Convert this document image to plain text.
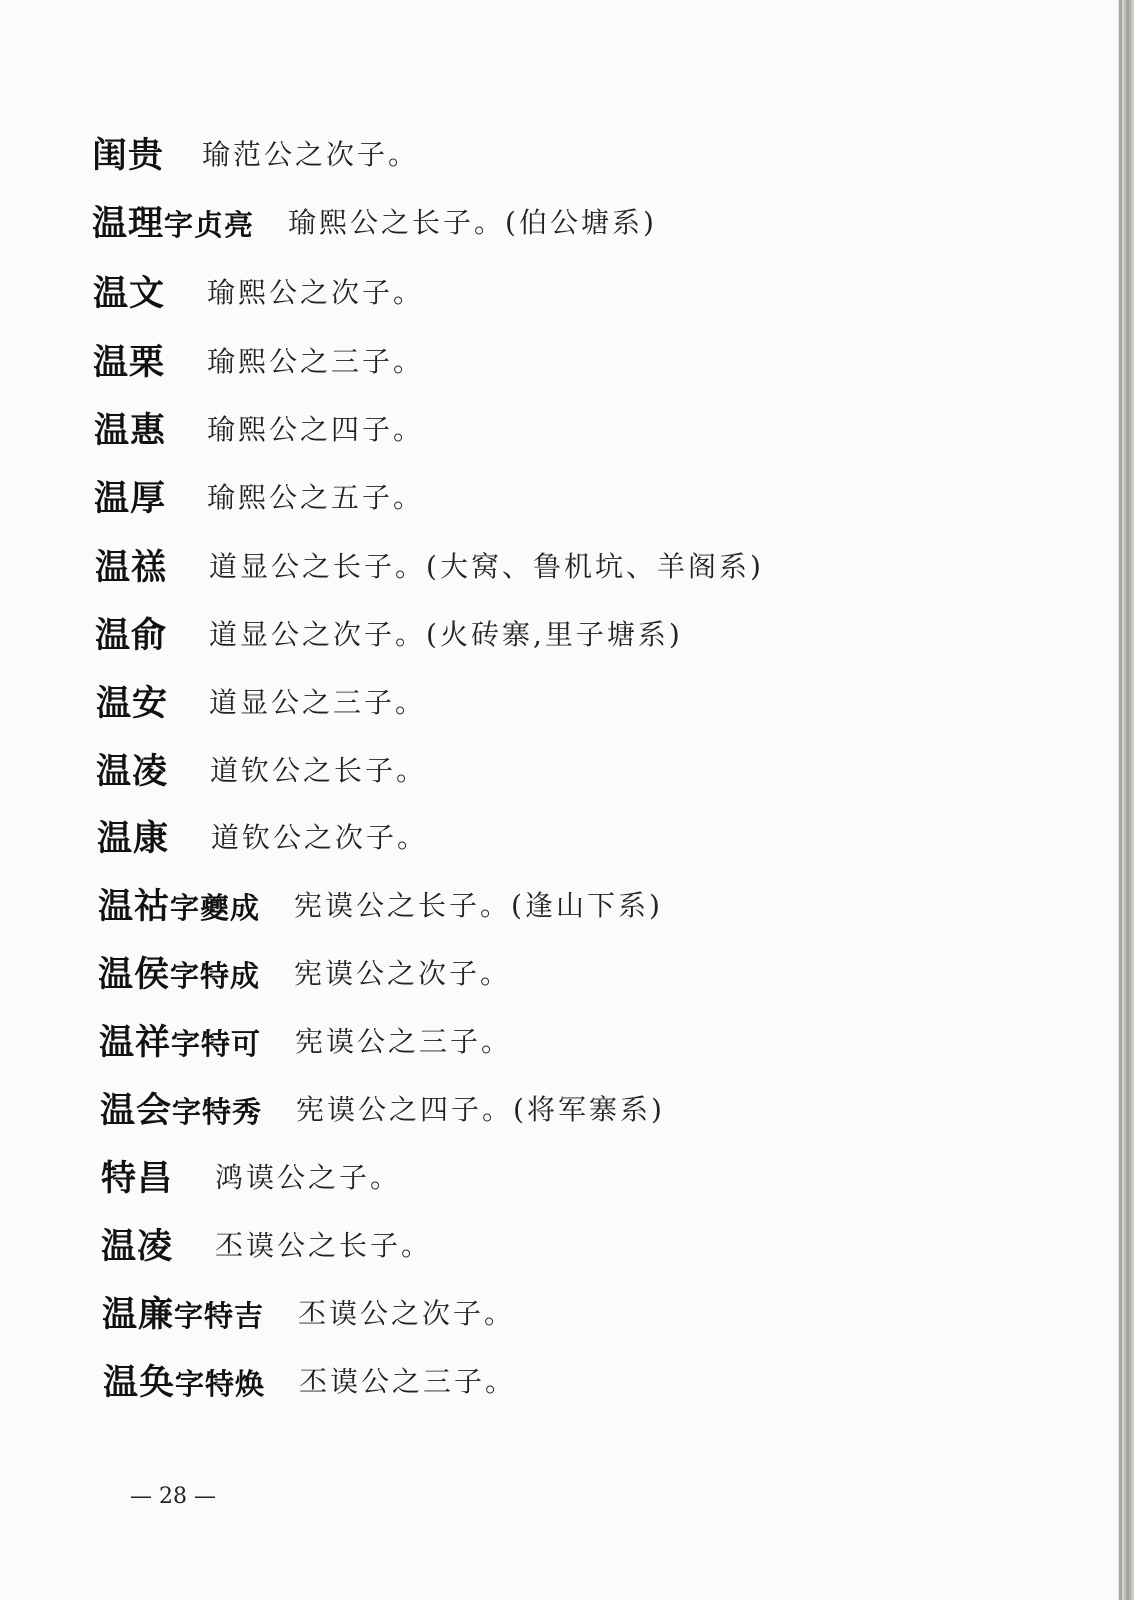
闺贵 瑜范公之次子。
温理字贞亮 瑜熙公之长子。(伯公塘系)
温文 瑜熙公之次子。
温栗 瑜熙公之三子。
温惠 瑜熙公之四子。
温厚 瑜熙公之五子。
温禚 道显公之长子。(大窝、鲁机坑、羊阁系)
温俞 道显公之次子。(火砖寨,里子塘系)
温安 道显公之三子。
温凌 道钦公之长子。
温康 道钦公之次子。
温祜字夔成 宪谟公之长子。(逢山下系)
温侯字特成 宪谟公之次子。
温祥字特可 宪谟公之三子。
温会字特秀 宪谟公之四子。(将军寨系)
特昌 鸿谟公之子。
温凌 丕谟公之长子。
温廉字特吉 丕谟公之次子。
温奂字特焕 丕谟公之三子。
— 28 —
